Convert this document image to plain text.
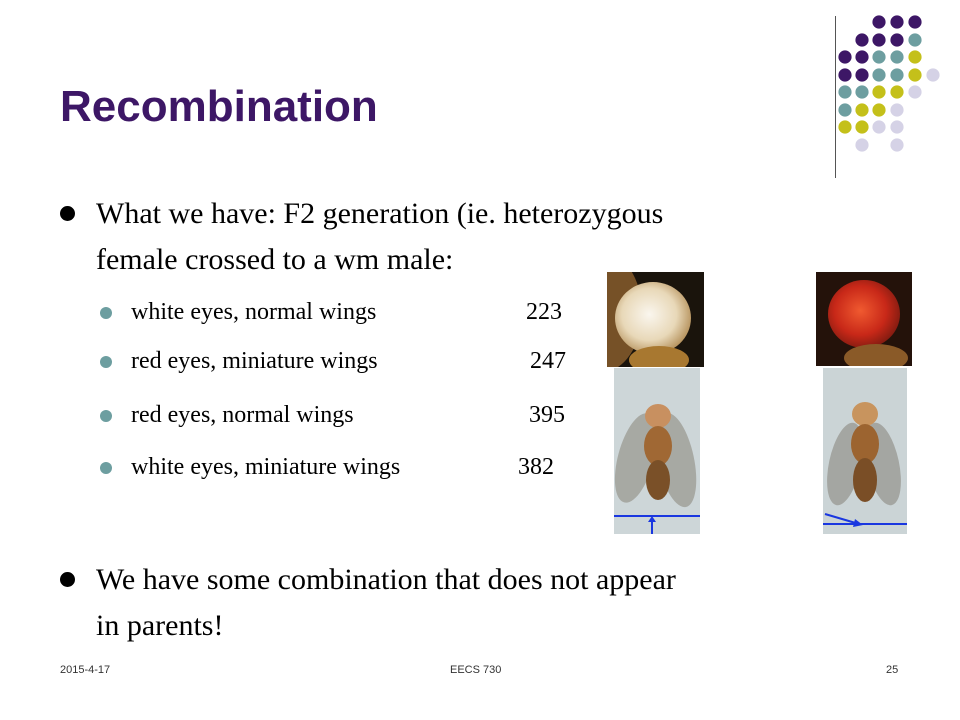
Recombination
What we have: F2 generation (ie. heterozygous
female crossed to a wm male:
white eyes, normal wings	223
red eyes, miniature wings	247
red eyes, normal wings	395
white eyes, miniature wings	382
We have some combination that does not appear
in parents!
2015-4-17	EECS 730	25
